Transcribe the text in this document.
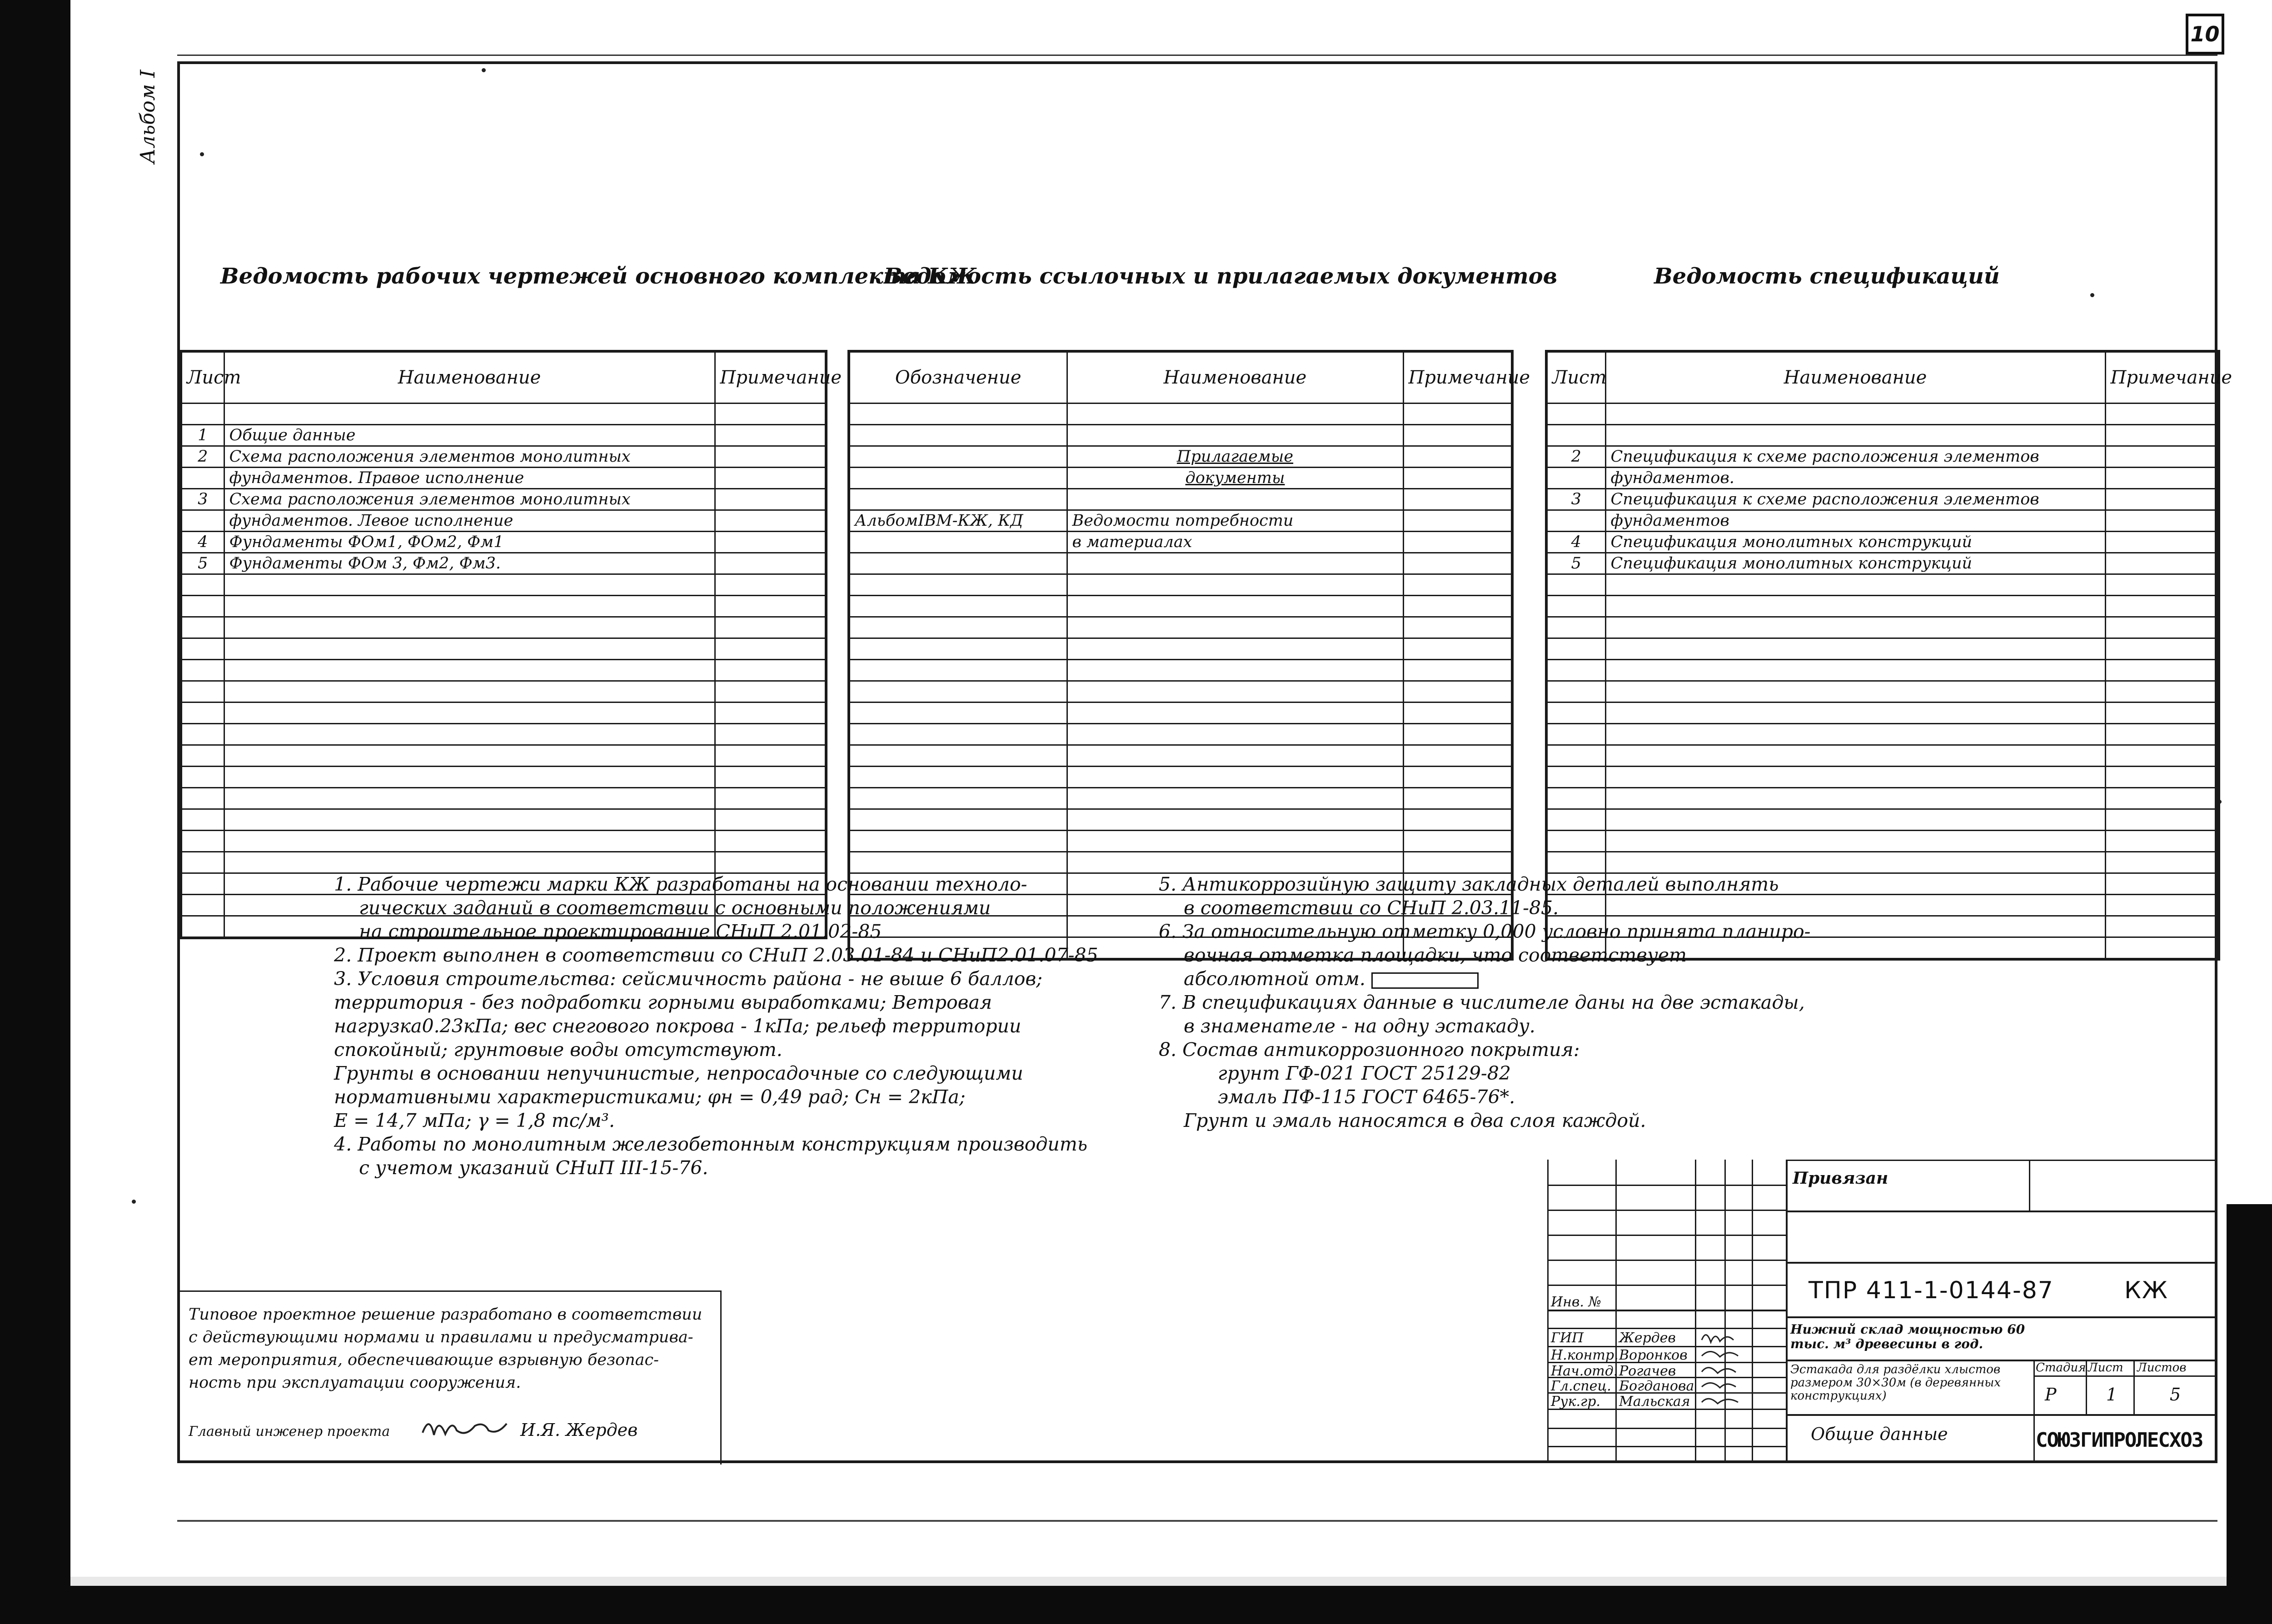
10
Альбом I
Ведомость рабочих чертежей основного комплекта КЖ
Ведомость ссылочных и прилагаемых документов	Ведомость спецификаций
Лист	Наименование	Примечание

1	Общие данные	
2	Схема расположения элементов монолитных	
	фундаментов. Правое исполнение	
3	Схема расположения элементов монолитных	
	фундаментов. Левое исполнение	
4	Фундаменты ФОм1, ФОм2, Фм1	
5	Фундаменты ФОм 3, Фм2, Фм3.	

Обозначение	Наименование	Примечание

	Прилагаемые	
	документы	

АльбомIВМ-КЖ, КД	Ведомости потребности	
	в материалах	

Лист	Наименование	Примечание

2	Спецификация к схеме расположения элементов	
	фундаментов.	
3	Спецификация к схеме расположения элементов	
	фундаментов	
4	Спецификация монолитных конструкций	
5	Спецификация монолитных конструкций	

1. Рабочие чертежи марки КЖ разработаны на основании техноло-

гических заданий в соответствии с основными положениями

на строительное проектирование СНиП 2.01.02-85

2. Проект выполнен в соответствии со СНиП 2.03.01-84 и СНиП2.01.07-85

3. Условия строительства: сейсмичность района - не выше 6 баллов;

территория - без подработки горными выработками; Ветровая

нагрузка0.23кПа; вес снегового покрова - 1кПа; рельеф территории

спокойный; грунтовые воды отсутствуют.

Грунты в основании непучинистые, непросадочные со следующими

нормативными характеристиками; φн = 0,49 рад; Сн = 2кПа;

Е = 14,7 мПа; γ = 1,8 тс/м³.

4. Работы по монолитным железобетонным конструкциям производить

с учетом указаний СНиП III-15-76.

5. Антикоррозийную защиту закладных деталей выполнять

в соответствии со СНиП 2.03.11-85.

6. За относительную отметку 0,000 условно принята планиро-

вочная отметка площадки, что соответствует

абсолютной отм.

7. В спецификациях данные в числителе даны на две эстакады,

в знаменателе - на одну эстакаду.

8. Состав антикоррозионного покрытия:

грунт ГФ-021 ГОСТ 25129-82

эмаль ПФ-115 ГОСТ 6465-76*.

Грунт и эмаль наносятся в два слоя каждой.

Типовое проектное решение разработано в соответствии
с действующими нормами и правилами и предусматрива-
ет мероприятия, обеспечивающие взрывную безопас-
ность при эксплуатации сооружения.
Главный инженер проекта	И.Я. Жердев
Привязан
Инв. №
ГИП	Жердев
Н.контр. Воронков
Нач.отд. Рогачев
Гл.спец. Богданова
Рук.гр. Мальская
ТПР 411-1-0144-87	КЖ
Нижний склад мощностью 60 тыс. м³ древесины в год.
Эстакада для раздёлки хлыстов размером 30×30м (в деревянных конструкциях)
Стадия Лист Листов
Р	1	5
Общие данные	СОЮЗГИПРОЛЕСХОЗ
